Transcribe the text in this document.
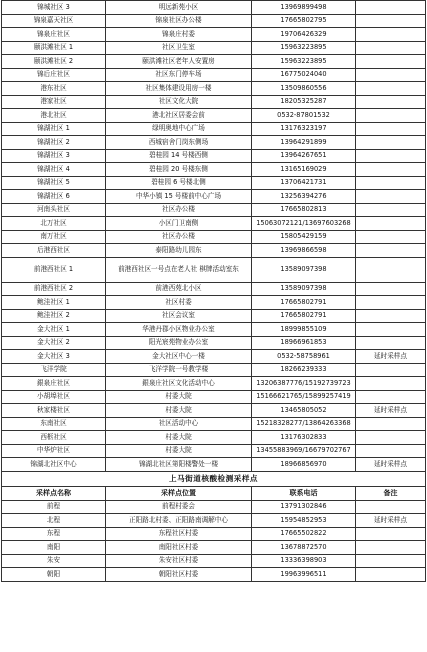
锦城社区 3	明远新苑小区	13969899498	
锦泉嘉天社区	锦泉社区办公楼	17665802795	
锦泉庄社区	锦泉庄村委	19706426329	
颐洪滩社区 1	社区卫生室	15963223895	
颐洪滩社区 2	颐洪滩社区老年人安置房	15963223895	
锦后庄社区	社区东门停车场	16775024040	
港东社区	社区集体建设用房一楼	13509860556	
港家社区	社区文化大院	18205325287	
港北社区	港北社区居委会前	0532-87801532	
锦湖社区 1	绿明奥地中心广场	13176323197	
锦湖社区 2	西城宿舍门岗东侧场	13964291899	
锦湖社区 3	碧桂园 14 号楼西侧	13964267651	
锦湖社区 4	碧桂园 20 号楼东侧	13165169029	
锦湖社区 5	碧桂园 6 号楼北侧	13706421731	
锦湖社区 6	中华小镇 15 号楼前中心广场	13256394276	
河南头社区	社区办公楼	17665802813	
北万社区	小区门卫南侧	15063072121/13697603268	
南万社区	社区办公楼	15805429159	
后港西社区	泰阳路幼儿园东	13969866598	
前港西社区 1	前港西社区一号点在老人社 棋牌活动室东	13589097398	
前港西社区 2	前港西苑北小区	13589097398	
鲍洼社区 1	社区村委	17665802791	
鲍洼社区 2	社区会议室	17665802791	
金大社区 1	华港丹郡小区物业办公室	18999855109	
金大社区 2	阳光宸苑物业办公室	18966961853	
金大社区 3	金大社区中心一楼	0532-58758961	延时采样点
飞洋学院	飞洋学院一号教学楼	18266239333	
銀泉庄社区	銀泉庄社区文化活动中心	13206387776/15192739723	
小胡埠社区	村委大院	15166621765/15899257419	
秋家楼社区	村委大院	13465805052	延时采样点
东南社区	社区活动中心	15218328277/13864263368	
西柩社区	村委大院	13176302833	
中华炉社区	村委大院	13455883969/16679702767	
锦湖北社区中心	锦湖北社区第阳楼警处一楼	18966856970	延时采样点
上马街道核酸检测采样点			
采样点名称	采样点位置	联系电话	备注
前程	前程村委会	13791302846	
北程	正阳路北村委、正阳路南调解中心	15954852953	延时采样点
东程	东程社区村委	17665502822	
南阳	南阳社区村委	13678872570	
朱安	朱安社区村委	13336398903	
朝阳	朝阳社区村委	19963996511	
